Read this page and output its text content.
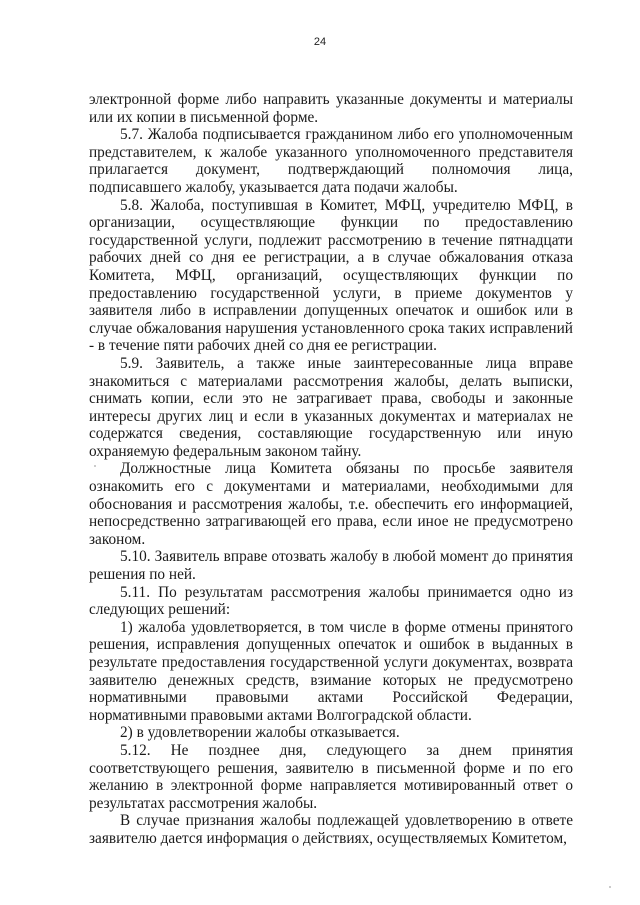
24

электронной форме либо направить указанные документы и материалы или их копии в письменной форме.

5.7. Жалоба подписывается гражданином либо его уполномоченным представителем, к жалобе указанного уполномоченного представителя прилагается документ, подтверждающий полномочия лица, подписавшего жалобу, указывается дата подачи жалобы.

5.8. Жалоба, поступившая в Комитет, МФЦ, учредителю МФЦ, в организации, осуществляющие функции по предоставлению государственной услуги, подлежит рассмотрению в течение пятнадцати рабочих дней со дня ее регистрации, а в случае обжалования отказа Комитета, МФЦ, организаций, осуществляющих функции по предоставлению государственной услуги, в приеме документов у заявителя либо в исправлении допущенных опечаток и ошибок или в случае обжалования нарушения установленного срока таких исправлений - в течение пяти рабочих дней со дня ее регистрации.

5.9. Заявитель, а также иные заинтересованные лица вправе знакомиться с материалами рассмотрения жалобы, делать выписки, снимать копии, если это не затрагивает права, свободы и законные интересы других лиц и если в указанных документах и материалах не содержатся сведения, составляющие государственную или иную охраняемую федеральным законом тайну.

Должностные лица Комитета обязаны по просьбе заявителя ознакомить его с документами и материалами, необходимыми для обоснования и рассмотрения жалобы, т.е. обеспечить его информацией, непосредственно затрагивающей его права, если иное не предусмотрено законом.

5.10. Заявитель вправе отозвать жалобу в любой момент до принятия решения по ней.

5.11. По результатам рассмотрения жалобы принимается одно из следующих решений:

1) жалоба удовлетворяется, в том числе в форме отмены принятого решения, исправления допущенных опечаток и ошибок в выданных в результате предоставления государственной услуги документах, возврата заявителю денежных средств, взимание которых не предусмотрено нормативными правовыми актами Российской Федерации, нормативными правовыми актами Волгоградской области.

2) в удовлетворении жалобы отказывается.

5.12. Не позднее дня, следующего за днем принятия соответствующего решения, заявителю в письменной форме и по его желанию в электронной форме направляется мотивированный ответ о результатах рассмотрения жалобы.

В случае признания жалобы подлежащей удовлетворению в ответе заявителю дается информация о действиях, осуществляемых Комитетом,
